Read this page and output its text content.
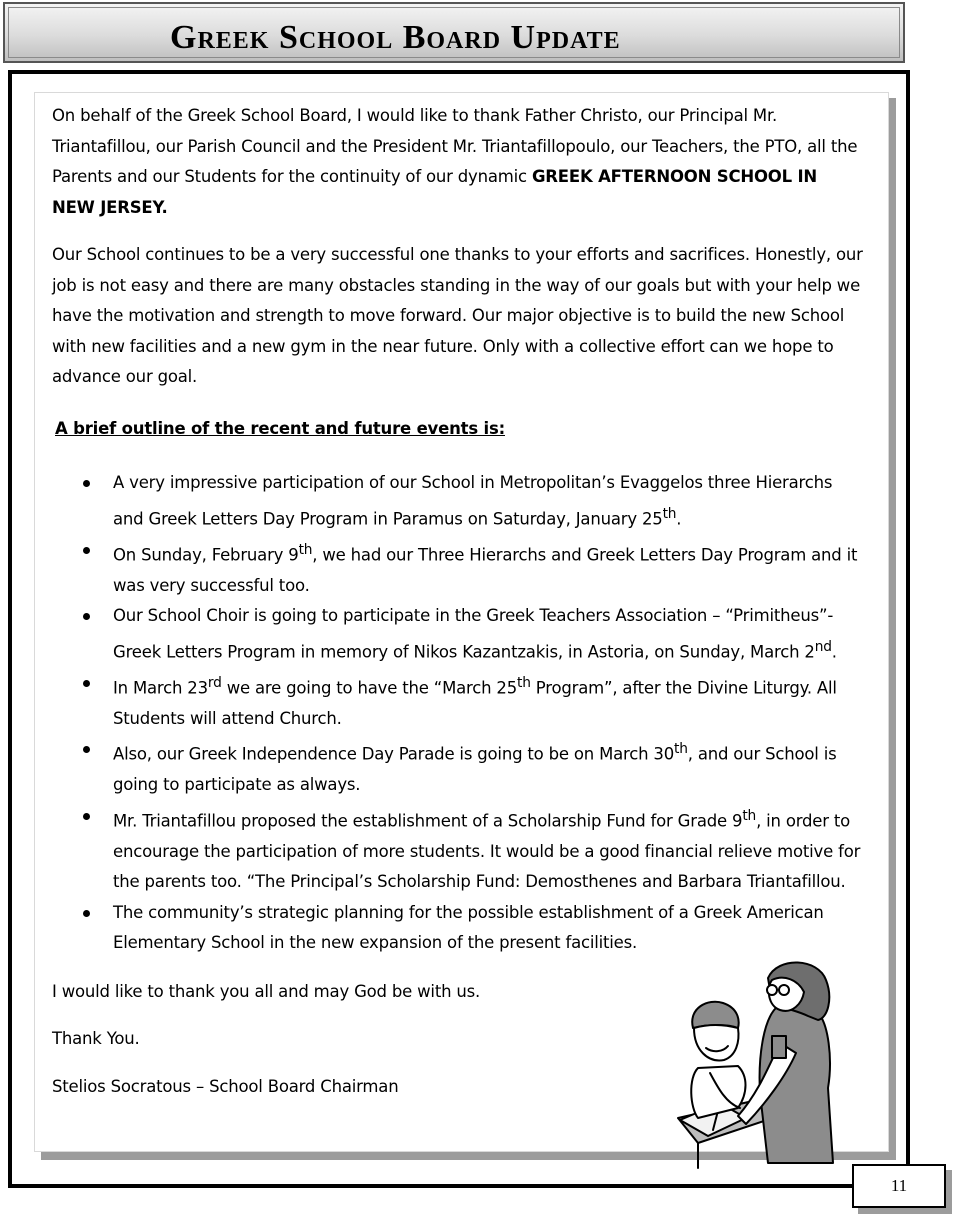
Greek School Board Update

On behalf of the Greek School Board, I would like to thank Father Christo, our Principal Mr. Triantafillou, our Parish Council and the President Mr. Triantafillopoulo, our Teachers, the PTO, all the Parents and our Students for the continuity of our dynamic GREEK AFTERNOON SCHOOL IN NEW JERSEY.

Our School continues to be a very successful one thanks to your efforts and sacrifices. Honestly, our job is not easy and there are many obstacles standing in the way of our goals but with your help we have the motivation and strength to move forward. Our major objective is to build the new School with new facilities and a new gym in the near future. Only with a collective effort can we hope to advance our goal.

A brief outline of the recent and future events is:

A very impressive participation of our School in Metropolitan’s Evaggelos three Hierarchs and Greek Letters Day Program in Paramus on Saturday, January 25th.
On Sunday, February 9th, we had our Three Hierarchs and Greek Letters Day Program and it was very successful too.
Our School Choir is going to participate in the Greek Teachers Association – “Primitheus”- Greek Letters Program in memory of Nikos Kazantzakis, in Astoria, on Sunday, March 2nd.
In March 23rd we are going to have the “March 25th Program”, after the Divine Liturgy. All Students will attend Church.
Also, our Greek Independence Day Parade is going to be on March 30th, and our School is going to participate as always.
Mr. Triantafillou proposed the establishment of a Scholarship Fund for Grade 9th, in order to encourage the participation of more students. It would be a good financial relieve motive for the parents too. “The Principal’s Scholarship Fund: Demosthenes and Barbara Triantafillou.
The community’s strategic planning for the possible establishment of a Greek American Elementary School in the new expansion of the present facilities.

I would like to thank you all and may God be with us.

Thank You.

Stelios Socratous – School Board Chairman

11
